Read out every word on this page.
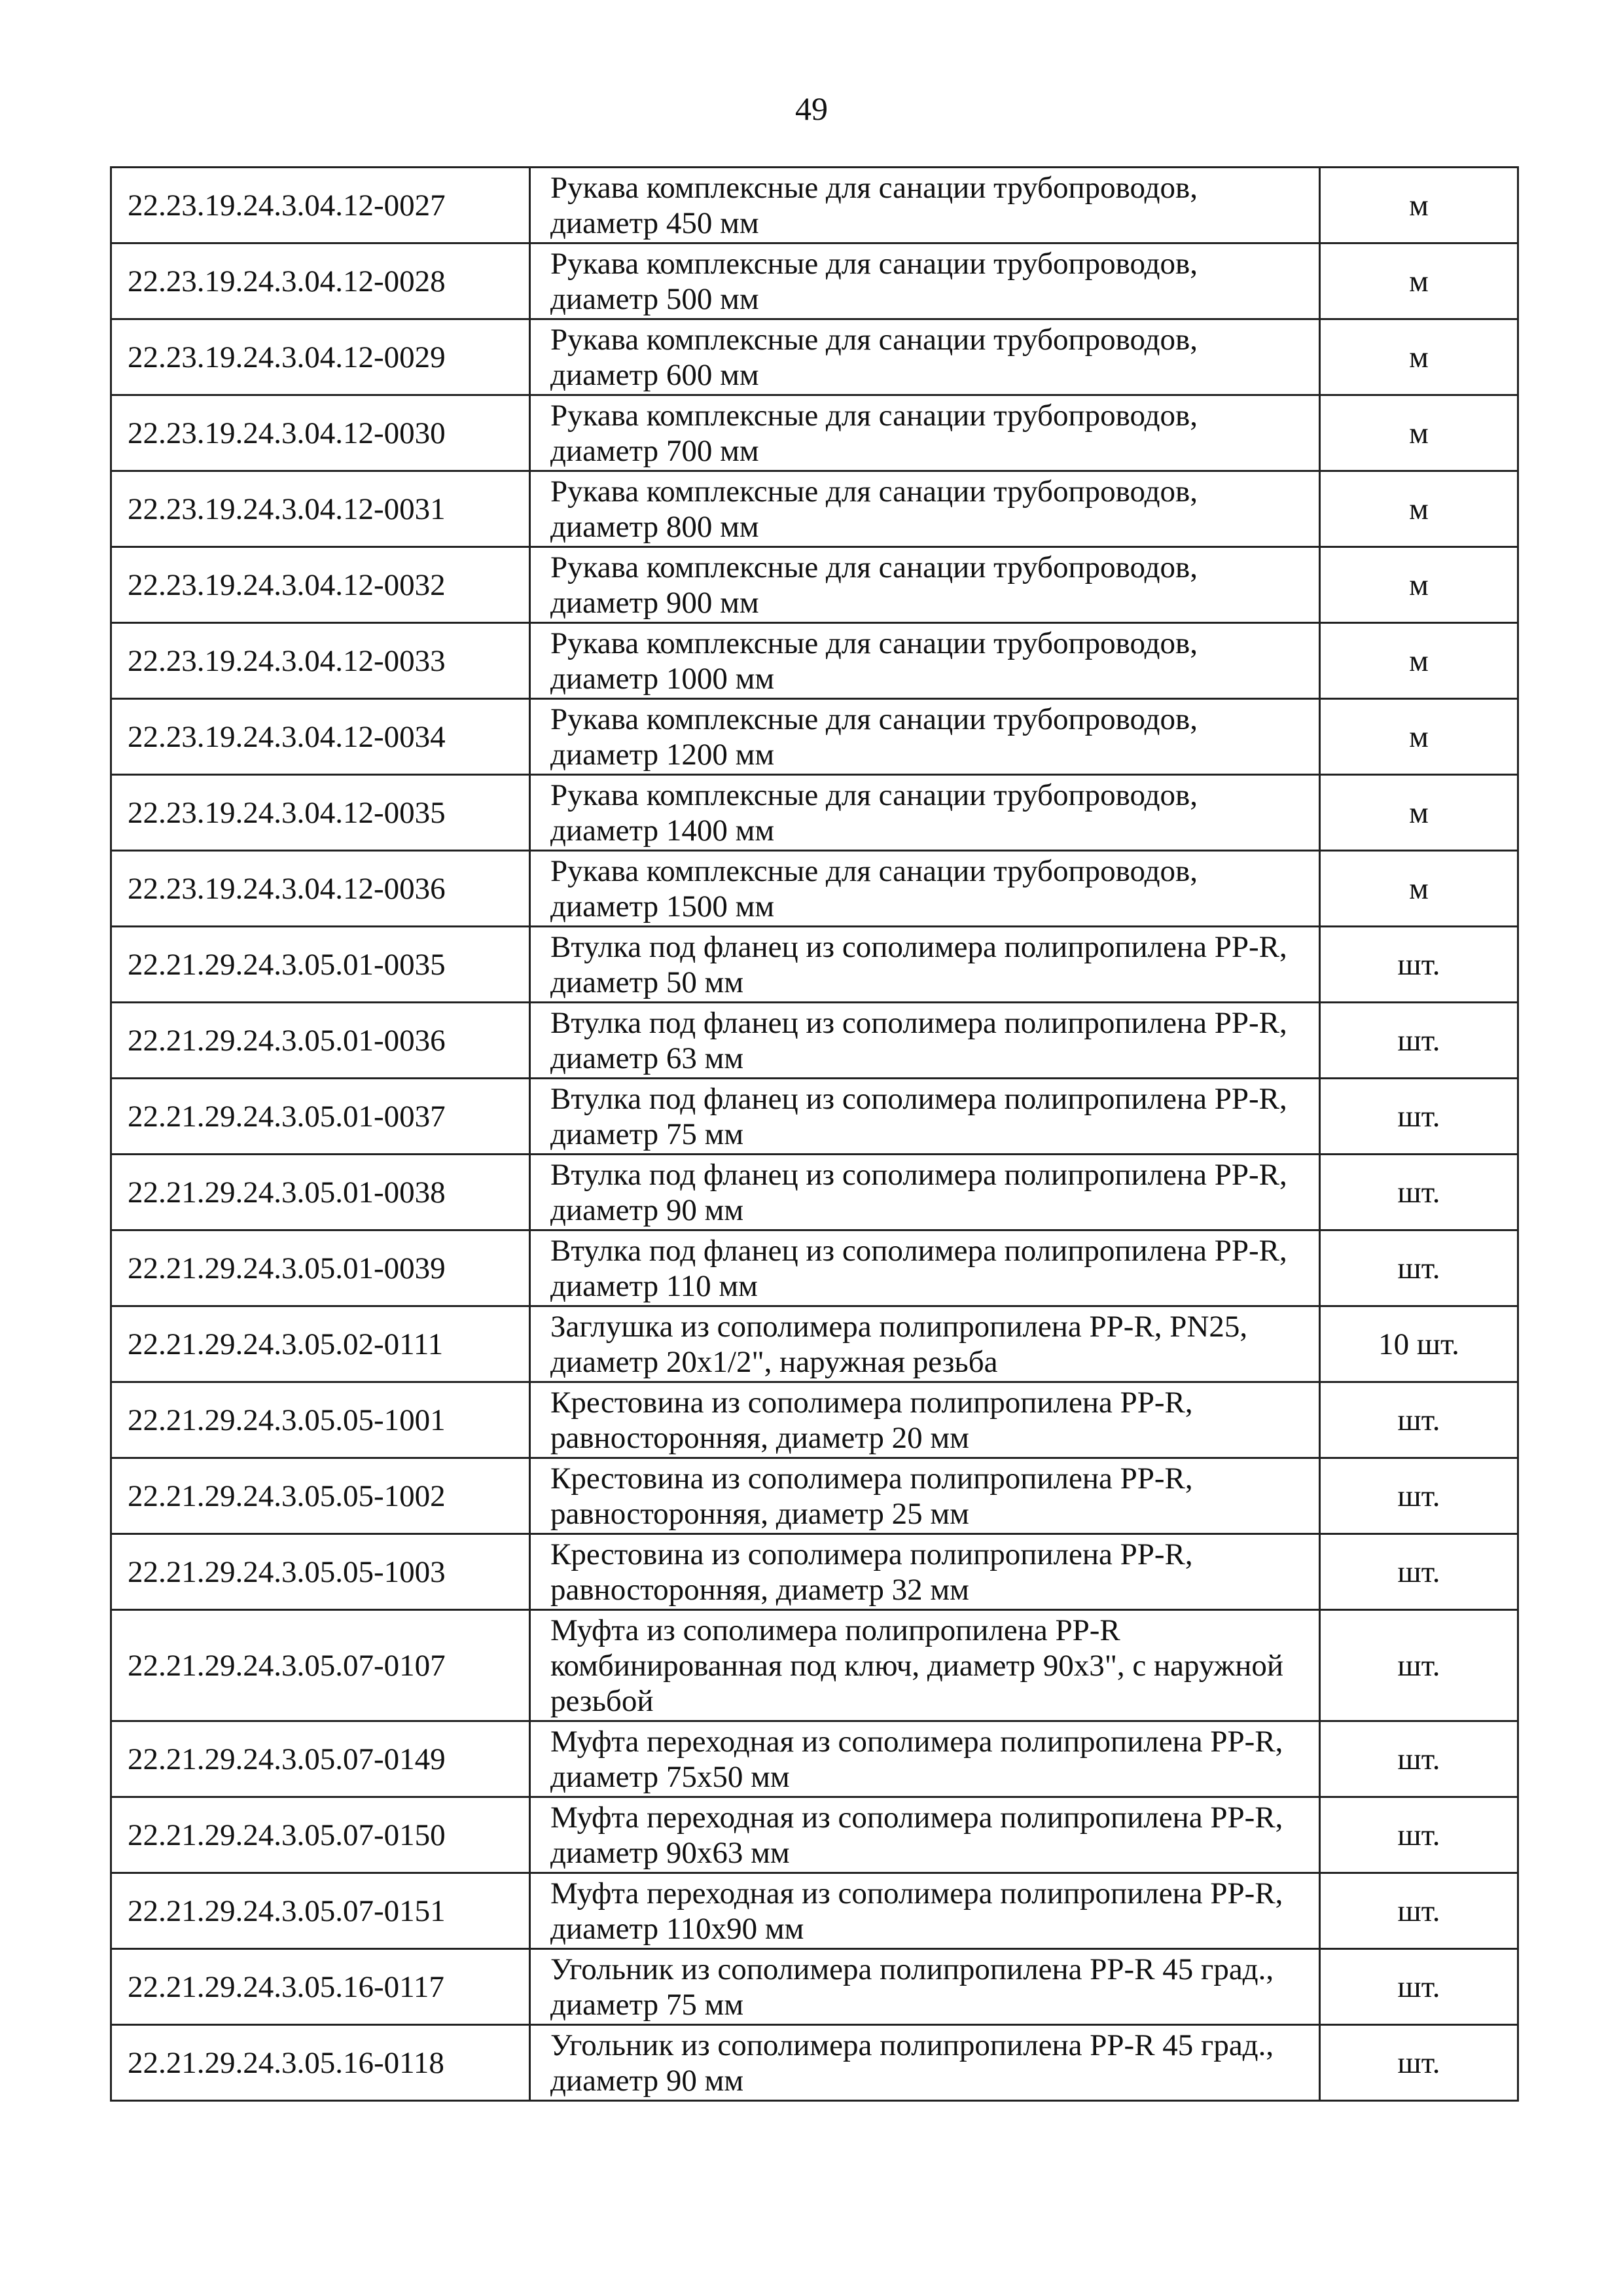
49
22.23.19.24.3.04.12-0027	Рукава комплексные для санации трубопроводов, диаметр 450 мм	м
22.23.19.24.3.04.12-0028	Рукава комплексные для санации трубопроводов, диаметр 500 мм	м
22.23.19.24.3.04.12-0029	Рукава комплексные для санации трубопроводов, диаметр 600 мм	м
22.23.19.24.3.04.12-0030	Рукава комплексные для санации трубопроводов, диаметр 700 мм	м
22.23.19.24.3.04.12-0031	Рукава комплексные для санации трубопроводов, диаметр 800 мм	м
22.23.19.24.3.04.12-0032	Рукава комплексные для санации трубопроводов, диаметр 900 мм	м
22.23.19.24.3.04.12-0033	Рукава комплексные для санации трубопроводов, диаметр 1000 мм	м
22.23.19.24.3.04.12-0034	Рукава комплексные для санации трубопроводов, диаметр 1200 мм	м
22.23.19.24.3.04.12-0035	Рукава комплексные для санации трубопроводов, диаметр 1400 мм	м
22.23.19.24.3.04.12-0036	Рукава комплексные для санации трубопроводов, диаметр 1500 мм	м
22.21.29.24.3.05.01-0035	Втулка под фланец из сополимера полипропилена PP-R, диаметр 50 мм	шт.
22.21.29.24.3.05.01-0036	Втулка под фланец из сополимера полипропилена PP-R, диаметр 63 мм	шт.
22.21.29.24.3.05.01-0037	Втулка под фланец из сополимера полипропилена PP-R, диаметр 75 мм	шт.
22.21.29.24.3.05.01-0038	Втулка под фланец из сополимера полипропилена PP-R, диаметр 90 мм	шт.
22.21.29.24.3.05.01-0039	Втулка под фланец из сополимера полипропилена PP-R, диаметр 110 мм	шт.
22.21.29.24.3.05.02-0111	Заглушка из сополимера полипропилена PP-R, PN25, диаметр 20x1/2", наружная резьба	10 шт.
22.21.29.24.3.05.05-1001	Крестовина из сополимера полипропилена PP-R, равносторонняя, диаметр 20 мм	шт.
22.21.29.24.3.05.05-1002	Крестовина из сополимера полипропилена PP-R, равносторонняя, диаметр 25 мм	шт.
22.21.29.24.3.05.05-1003	Крестовина из сополимера полипропилена PP-R, равносторонняя, диаметр 32 мм	шт.
22.21.29.24.3.05.07-0107	Муфта из сополимера полипропилена PP-R комбинированная под ключ, диаметр 90x3", с наружной резьбой	шт.
22.21.29.24.3.05.07-0149	Муфта переходная из сополимера полипропилена PP-R, диаметр 75x50 мм	шт.
22.21.29.24.3.05.07-0150	Муфта переходная из сополимера полипропилена PP-R, диаметр 90x63 мм	шт.
22.21.29.24.3.05.07-0151	Муфта переходная из сополимера полипропилена PP-R, диаметр 110x90 мм	шт.
22.21.29.24.3.05.16-0117	Угольник из сополимера полипропилена PP-R 45 град., диаметр 75 мм	шт.
22.21.29.24.3.05.16-0118	Угольник из сополимера полипропилена PP-R 45 град., диаметр 90 мм	шт.
